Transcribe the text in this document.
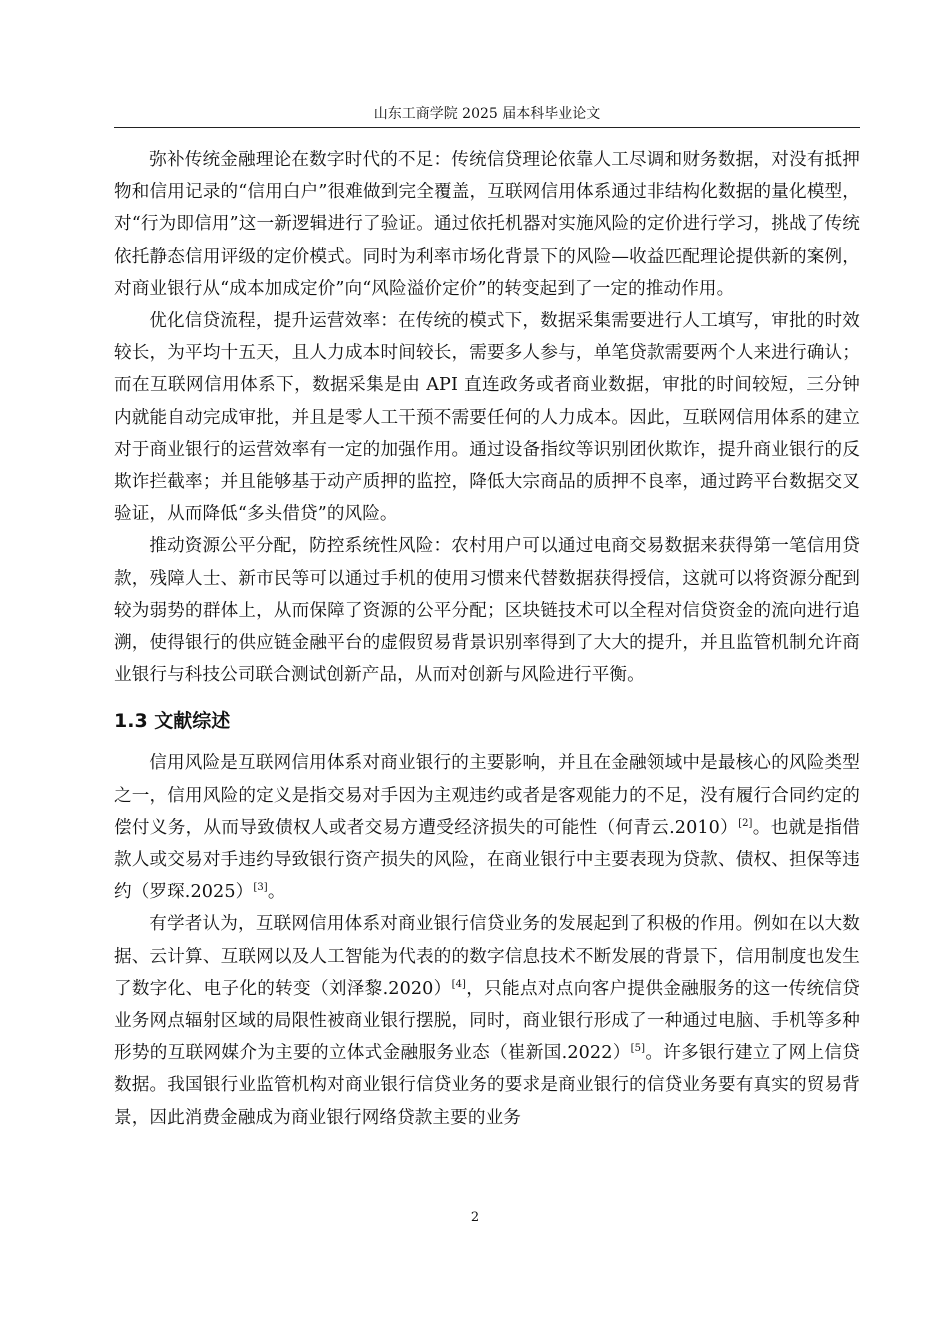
山东工商学院 2025 届本科毕业论文

弥补传统金融理论在数字时代的不足：传统信贷理论依靠人工尽调和财务数据，对没有抵押物和信用记录的“信用白户”很难做到完全覆盖，互联网信用体系通过非结构化数据的量化模型，对“行为即信用”这一新逻辑进行了验证。通过依托机器对实施风险的定价进行学习，挑战了传统依托静态信用评级的定价模式。同时为利率市场化背景下的风险—收益匹配理论提供新的案例，对商业银行从“成本加成定价”向“风险溢价定价”的转变起到了一定的推动作用。

优化信贷流程，提升运营效率：在传统的模式下，数据采集需要进行人工填写，审批的时效较长，为平均十五天，且人力成本时间较长，需要多人参与，单笔贷款需要两个人来进行确认；而在互联网信用体系下，数据采集是由 API 直连政务或者商业数据，审批的时间较短，三分钟内就能自动完成审批，并且是零人工干预不需要任何的人力成本。因此，互联网信用体系的建立对于商业银行的运营效率有一定的加强作用。通过设备指纹等识别团伙欺诈，提升商业银行的反欺诈拦截率；并且能够基于动产质押的监控，降低大宗商品的质押不良率，通过跨平台数据交叉验证，从而降低“多头借贷”的风险。

推动资源公平分配，防控系统性风险：农村用户可以通过电商交易数据来获得第一笔信用贷款，残障人士、新市民等可以通过手机的使用习惯来代替数据获得授信，这就可以将资源分配到较为弱势的群体上，从而保障了资源的公平分配；区块链技术可以全程对信贷资金的流向进行追溯，使得银行的供应链金融平台的虚假贸易背景识别率得到了大大的提升，并且监管机制允许商业银行与科技公司联合测试创新产品，从而对创新与风险进行平衡。

1.3 文献综述

信用风险是互联网信用体系对商业银行的主要影响，并且在金融领域中是最核心的风险类型之一，信用风险的定义是指交易对手因为主观违约或者是客观能力的不足，没有履行合同约定的偿付义务，从而导致债权人或者交易方遭受经济损失的可能性（何青云.2010）[2]。也就是指借款人或交易对手违约导致银行资产损失的风险，在商业银行中主要表现为贷款、债权、担保等违约（罗琛.2025）[3]。

有学者认为，互联网信用体系对商业银行信贷业务的发展起到了积极的作用。例如在以大数据、云计算、互联网以及人工智能为代表的的数字信息技术不断发展的背景下，信用制度也发生了数字化、电子化的转变（刘泽黎.2020）[4]，只能点对点向客户提供金融服务的这一传统信贷业务网点辐射区域的局限性被商业银行摆脱，同时，商业银行形成了一种通过电脑、手机等多种形势的互联网媒介为主要的立体式金融服务业态（崔新国.2022）[5]。许多银行建立了网上信贷数据。我国银行业监管机构对商业银行信贷业务的要求是商业银行的信贷业务要有真实的贸易背景，因此消费金融成为商业银行网络贷款主要的业务

2
